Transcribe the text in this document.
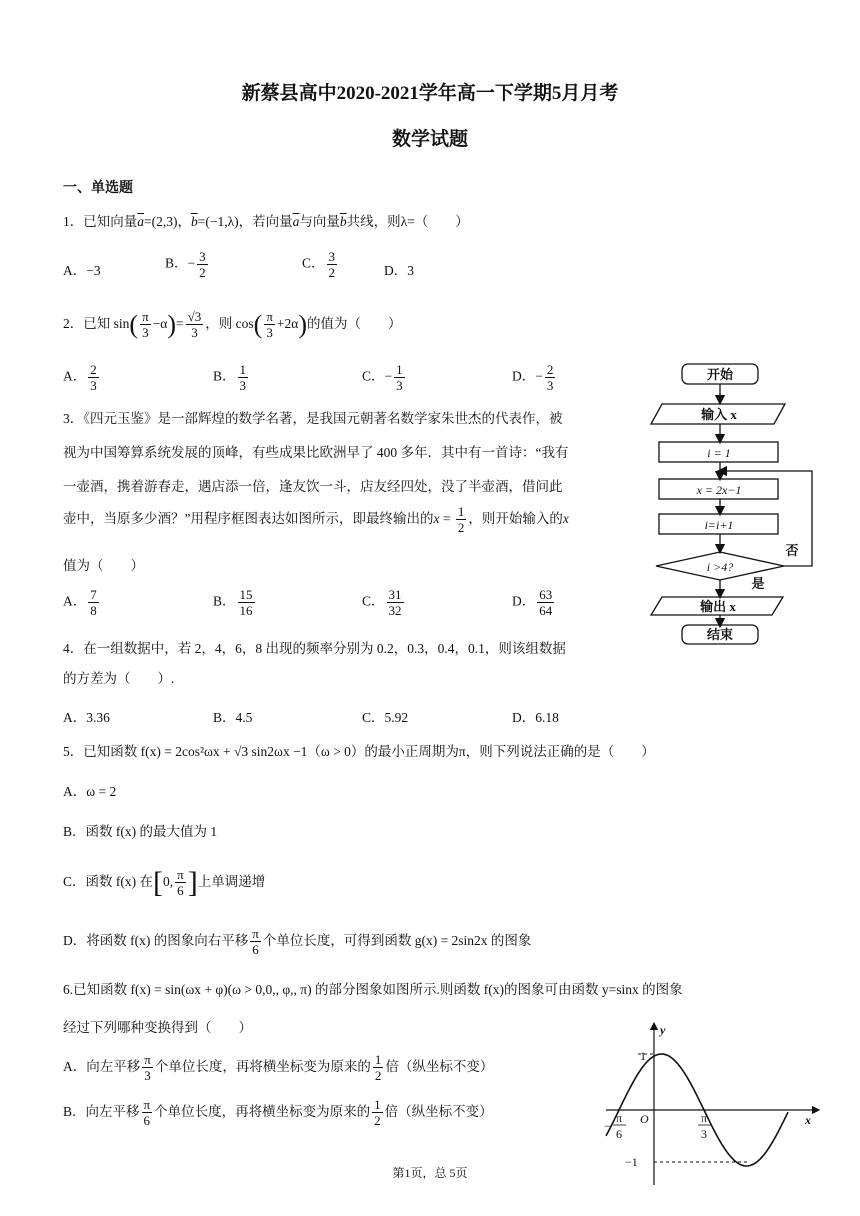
新蔡县高中2020-2021学年高一下学期5月月考
数学试题
一、单选题
1．已知向量$\overline{a}=(2,3)$，$\overline{b}=(-1,\lambda)$，若向量$\overline{a}$与向量$\overline{b}$共线，则λ=（　　）
A．−3	B．− $\frac{3}{2}$	C． $\frac{3}{2}$	D．3
2．已知 $\sin( \frac{\pi}{3} -\alpha)= \frac{√3}{3}$ ，则 $\cos( \frac{\pi}{3} +2\alpha)$的值为（　　）
A． $\frac{2}{3}$	B． $\frac{1}{3}$	C．− $\frac{1}{3}$	D．− $\frac{2}{3}$
3．《四元玉鉴》是一部辉煌的数学名著，是我国元朝著名数学家朱世杰的代表作，被
视为中国筹算系统发展的顶峰，有些成果比欧洲早了 400 多年．其中有一首诗：“我有
一壶酒，携着游春走，遇店添一倍，逢友饮一斗，店友经四处，没了半壶酒，借问此
壶中，当原多少酒？”用程序框图表达如图所示，即最终输出的$x = \frac{1}{2}$ ，则开始输入的x
值为（　　）
A． $\frac{7}{8}$	B． $\frac{15}{16}$	C． $\frac{31}{32}$	D． $\frac{63}{64}$
开始
输入 x
i = 1
x = 2x−1
i=i+1
i >4?
否
是
输出 x
结束
4．在一组数据中，若 2，4，6，8 出现的频率分别为 0.2，0.3，0.4，0.1，则该组数据
的方差为（　　）.
A．3.36	B．4.5	C．5.92	D．6.18
5．已知函数 f(x) = 2cos²ωx + √3 sin2ωx −1（ω > 0）的最小正周期为π，则下列说法正确的是（　　）
A．ω = 2
B．函数 f(x) 的最大值为 1
C．函数 f(x) 在[0, $\frac{\pi}{6}$ ]上单调递增
D．将函数 f(x) 的图象向右平移 $\frac{\pi}{6}$ 个单位长度，可得到函数 g(x) = 2sin2x 的图象
6.已知函数 f(x) = sin(ωx + φ)(ω > 0,0,, φ,, π) 的部分图象如图所示.则函数 f(x)的图象可由函数 y=sinx 的图象
经过下列哪种变换得到（　　）
A．向左平移 $\frac{\pi}{3}$ 个单位长度，再将横坐标变为原来的 $\frac{1}{2}$ 倍（纵坐标不变）
B．向左平移 $\frac{\pi}{6}$ 个单位长度，再将横坐标变为原来的 $\frac{1}{2}$ 倍（纵坐标不变）
y
x
O
1
−1
−
π
6
π
3
第1页，总 5页
